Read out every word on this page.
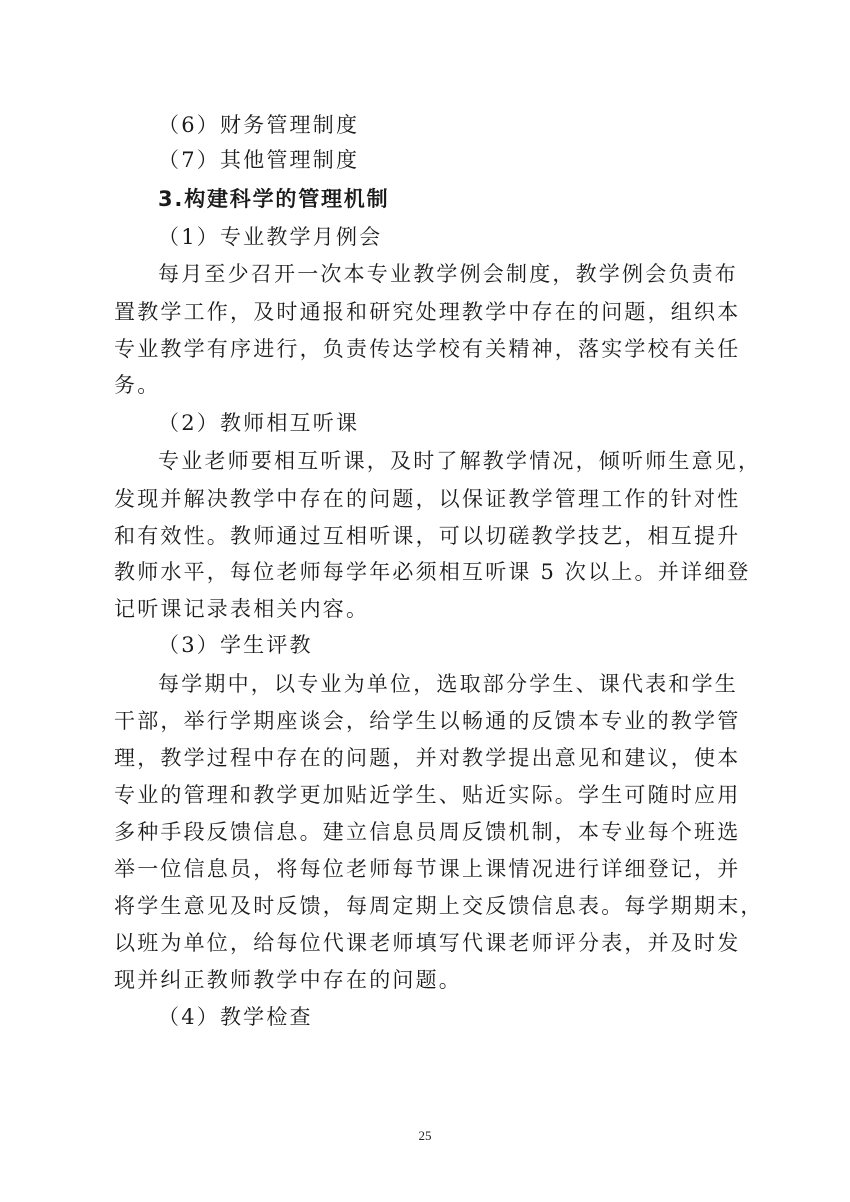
（6）财务管理制度
（7）其他管理制度
3.构建科学的管理机制
（1）专业教学月例会
每月至少召开一次本专业教学例会制度，教学例会负责布
置教学工作，及时通报和研究处理教学中存在的问题，组织本
专业教学有序进行，负责传达学校有关精神，落实学校有关任
务。
（2）教师相互听课
专业老师要相互听课，及时了解教学情况，倾听师生意见，
发现并解决教学中存在的问题，以保证教学管理工作的针对性
和有效性。教师通过互相听课，可以切磋教学技艺，相互提升
教师水平，每位老师每学年必须相互听课 5 次以上。并详细登
记听课记录表相关内容。
（3）学生评教
每学期中，以专业为单位，选取部分学生、课代表和学生
干部，举行学期座谈会，给学生以畅通的反馈本专业的教学管
理，教学过程中存在的问题，并对教学提出意见和建议，使本
专业的管理和教学更加贴近学生、贴近实际。学生可随时应用
多种手段反馈信息。建立信息员周反馈机制，本专业每个班选
举一位信息员，将每位老师每节课上课情况进行详细登记，并
将学生意见及时反馈，每周定期上交反馈信息表。每学期期末，
以班为单位，给每位代课老师填写代课老师评分表，并及时发
现并纠正教师教学中存在的问题。
（4）教学检查
25
